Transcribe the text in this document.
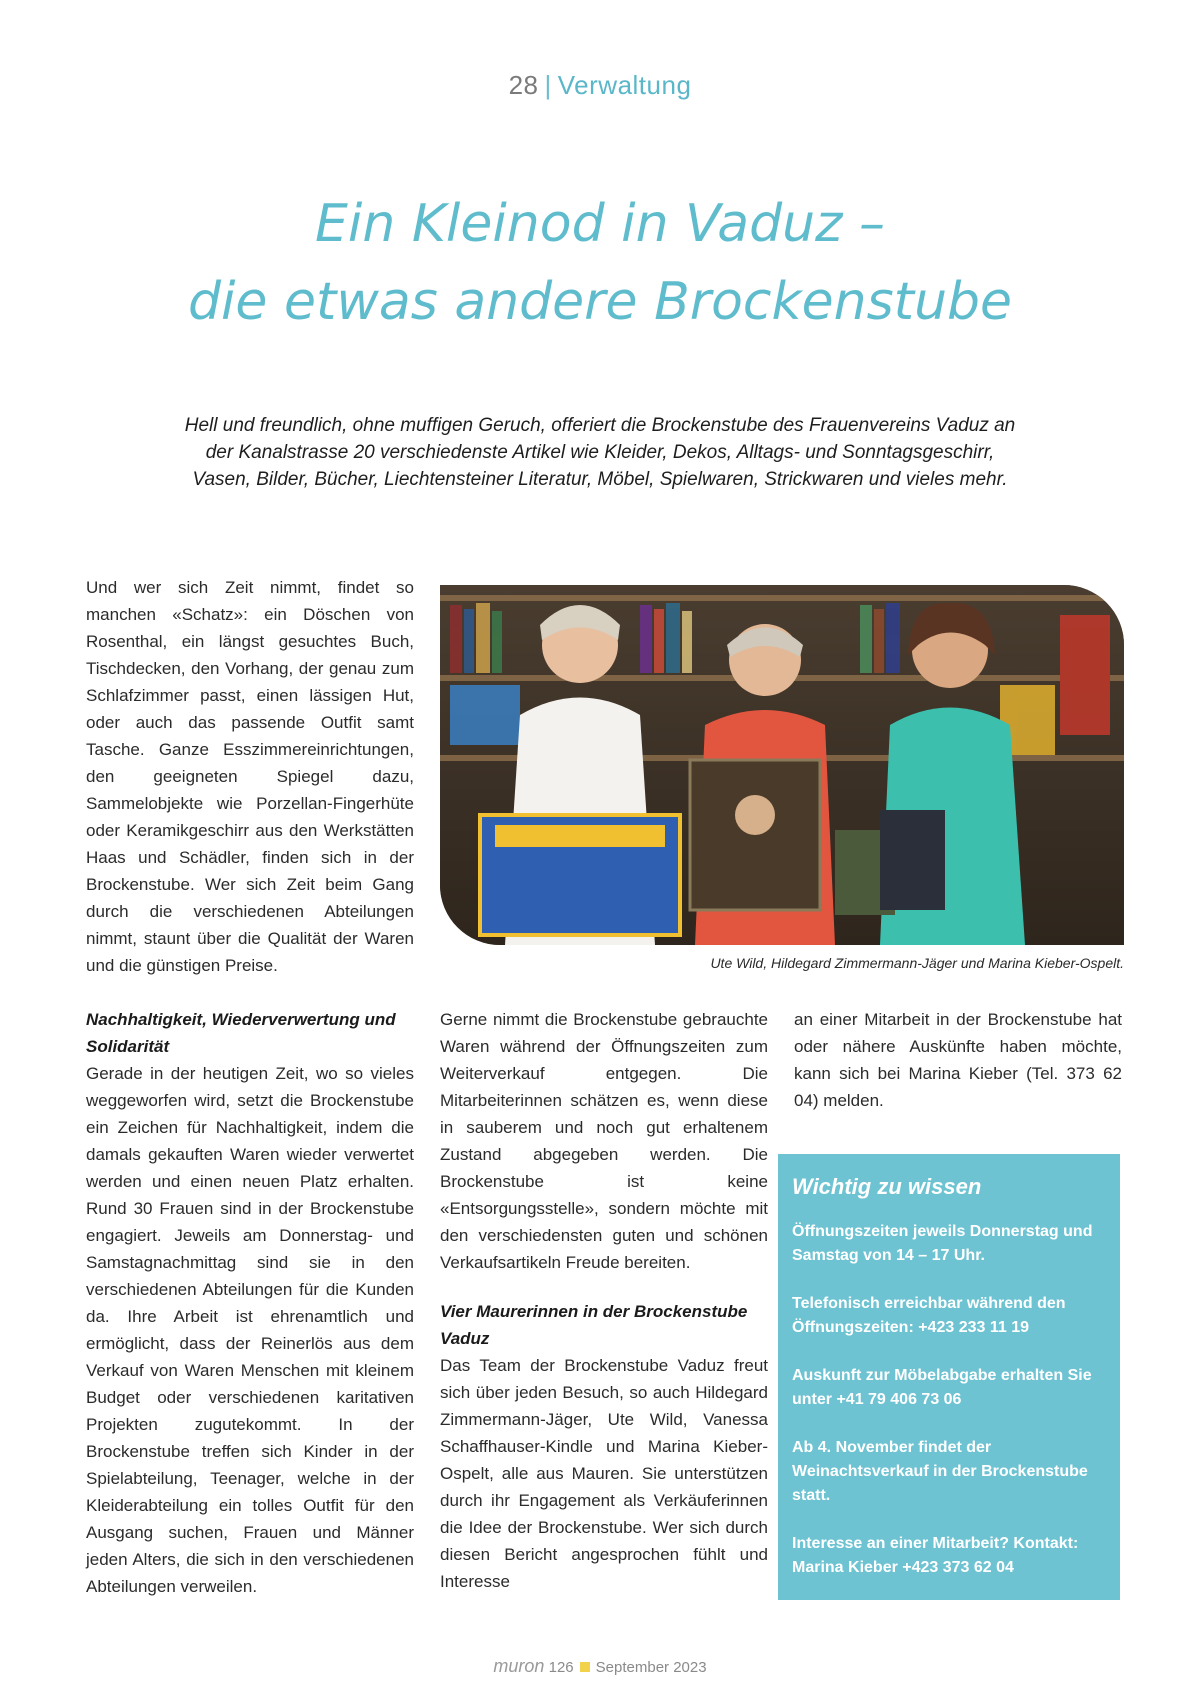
28 | Verwaltung
Ein Kleinod in Vaduz –
die etwas andere Brockenstube
Hell und freundlich, ohne muffigen Geruch, offeriert die Brockenstube des Frauenvereins Vaduz an der Kanalstrasse 20 verschiedenste Artikel wie Kleider, Dekos, Alltags- und Sonntagsgeschirr, Vasen, Bilder, Bücher, Liechtensteiner Literatur, Möbel, Spielwaren, Strickwaren und vieles mehr.

Und wer sich Zeit nimmt, findet so manchen «Schatz»: ein Döschen von Rosenthal, ein längst gesuchtes Buch, Tischdecken, den Vorhang, der genau zum Schlafzimmer passt, einen lässigen Hut, oder auch das passende Outfit samt Tasche. Ganze Esszimmereinrichtungen, den geeigneten Spiegel dazu, Sammelobjekte wie Porzellan-Fingerhüte oder Keramikgeschirr aus den Werkstätten Haas und Schädler, finden sich in der Brockenstube. Wer sich Zeit beim Gang durch die verschiedenen Abteilungen nimmt, staunt über die Qualität der Waren und die günstigen Preise.	Ute Wild, Hildegard Zimmermann-Jäger und Marina Kieber-Ospelt.

Nachhaltigkeit, Wiederverwertung und Solidarität

Gerade in der heutigen Zeit, wo so vieles weggeworfen wird, setzt die Brockenstube ein Zeichen für Nachhaltigkeit, indem die damals gekauften Waren wieder verwertet werden und einen neuen Platz erhalten. Rund 30 Frauen sind in der Brockenstube engagiert. Jeweils am Donnerstag- und Samstagnachmittag sind sie in den verschiedenen Abteilungen für die Kunden da. Ihre Arbeit ist ehrenamtlich und ermöglicht, dass der Reinerlös aus dem Verkauf von Waren Menschen mit kleinem Budget oder verschiedenen karitativen Projekten zugutekommt. In der Brockenstube treffen sich Kinder in der Spielabteilung, Teenager, welche in der Kleiderabteilung ein tolles Outfit für den Ausgang suchen, Frauen und Männer jeden Alters, die sich in den verschiedenen Abteilungen verweilen.

Gerne nimmt die Brockenstube gebrauchte Waren während der Öffnungszeiten zum Weiterverkauf entgegen. Die Mitarbeiterinnen schätzen es, wenn diese in sauberem und noch gut erhaltenem Zustand abgegeben werden. Die Brockenstube ist keine «Entsorgungsstelle», sondern möchte mit den verschiedensten guten und schönen Verkaufsartikeln Freude bereiten.

Vier Maurerinnen in der Brockenstube Vaduz

Das Team der Brockenstube Vaduz freut sich über jeden Besuch, so auch Hildegard Zimmermann-Jäger, Ute Wild, Vanessa Schaffhauser-Kindle und Marina Kieber-Ospelt, alle aus Mauren. Sie unterstützen durch ihr Engagement als Verkäuferinnen die Idee der Brockenstube. Wer sich durch diesen Bericht angesprochen fühlt und Interesse

an einer Mitarbeit in der Brockenstube hat oder nähere Auskünfte haben möchte, kann sich bei Marina Kieber (Tel. 373 62 04) melden.

Wichtig zu wissen
Öffnungszeiten jeweils Donnerstag und Samstag von 14 – 17 Uhr.
Telefonisch erreichbar während den Öffnungszeiten: +423 233 11 19
Auskunft zur Möbelabgabe erhalten Sie unter +41 79 406 73 06
Ab 4. November findet der Weinachtsverkauf in der Brockenstube statt.
Interesse an einer Mitarbeit? Kontakt: Marina Kieber +423 373 62 04
muron 126 September 2023
